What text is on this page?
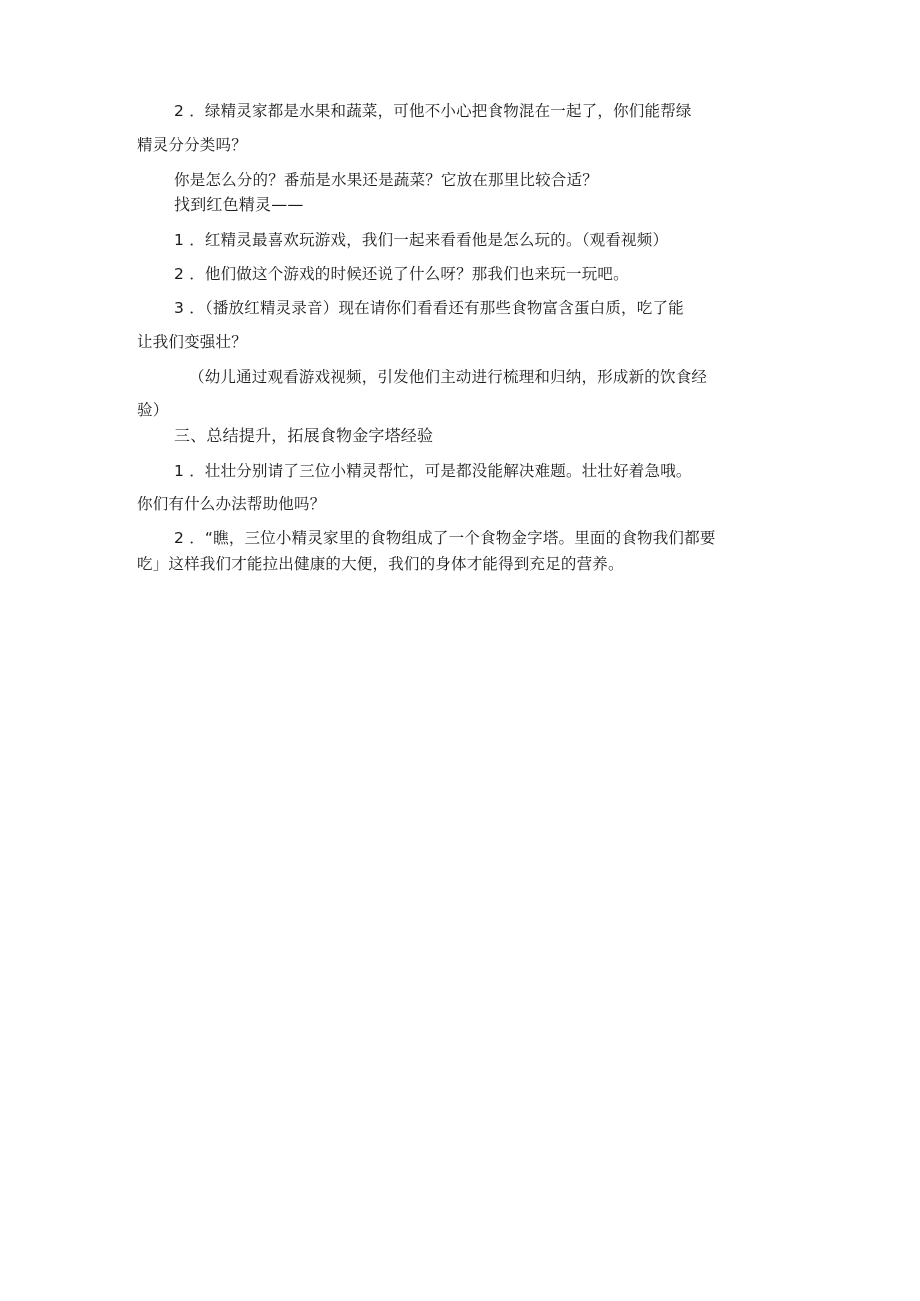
2 ．绿精灵家都是水果和蔬菜，可他不小心把食物混在一起了，你们能帮绿
精灵分分类吗？
你是怎么分的？番茄是水果还是蔬菜？它放在那里比较合适？
找到红色精灵——
1 ．红精灵最喜欢玩游戏，我们一起来看看他是怎么玩的。（观看视频）
2 ．他们做这个游戏的时候还说了什么呀？那我们也来玩一玩吧。
3 ．（播放红精灵录音）现在请你们看看还有那些食物富含蛋白质，吃了能
让我们变强壮？
（幼儿通过观看游戏视频，引发他们主动进行梳理和归纳，形成新的饮食经
验）
三、总结提升，拓展食物金字塔经验
1 ．壮壮分别请了三位小精灵帮忙，可是都没能解决难题。壮壮好着急哦。
你们有什么办法帮助他吗？
2 ．“瞧，三位小精灵家里的食物组成了一个食物金字塔。里面的食物我们都要
吃」这样我们才能拉出健康的大便，我们的身体才能得到充足的营养。
